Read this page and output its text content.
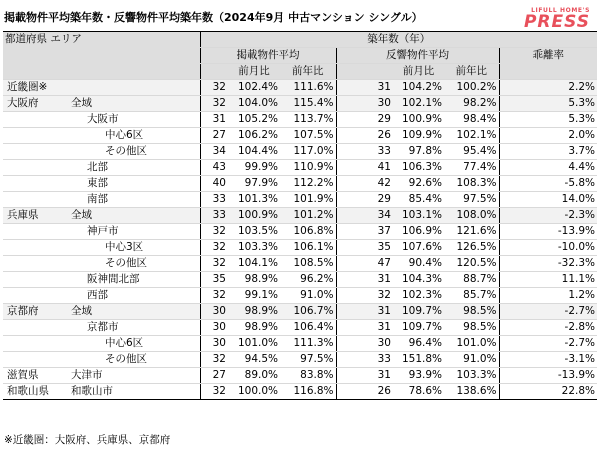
掲載物件平均築年数・反響物件平均築年数（2024年9月 中古マンション シングル）
LIFULL HOME'S
PRESS
都道府県 エリア	築年数（年）						
	掲載物件平均			反響物件平均			乖離率
		前月比	前年比		前月比	前年比	
近畿圏※	32	102.4%	111.6%	31	104.2%	100.2%	2.2%
大阪府 全域	32	104.0%	115.4%	30	102.1%	98.2%	5.3%

大阪市	31	105.2%	113.7%	29	100.9%	98.4%	5.3%

中心6区	27	106.2%	107.5%	26	109.9%	102.1%	2.0%

その他区	34	104.4%	117.0%	33	97.8%	95.4%	3.7%

北部	43	99.9%	110.9%	41	106.3%	77.4%	4.4%

東部	40	97.9%	112.2%	42	92.6%	108.3%	-5.8%

南部	33	101.3%	101.9%	29	85.4%	97.5%	14.0%
兵庫県 全域	33	100.9%	101.2%	34	103.1%	108.0%	-2.3%

神戸市	32	103.5%	106.8%	37	106.9%	121.6%	-13.9%

中心3区	32	103.3%	106.1%	35	107.6%	126.5%	-10.0%

その他区	32	104.1%	108.5%	47	90.4%	120.5%	-32.3%

阪神間北部	35	98.9%	96.2%	31	104.3%	88.7%	11.1%

西部	32	99.1%	91.0%	32	102.3%	85.7%	1.2%
京都府 全域	30	98.9%	106.7%	31	109.7%	98.5%	-2.7%

京都市	30	98.9%	106.4%	31	109.7%	98.5%	-2.8%

中心6区	30	101.0%	111.3%	30	96.4%	101.0%	-2.7%

その他区	32	94.5%	97.5%	33	151.8%	91.0%	-3.1%
滋賀県 大津市	27	89.0%	83.8%	31	93.9%	103.3%	-13.9%
和歌山県 和歌山市	32	100.0%	116.8%	26	78.6%	138.6%	22.8%
※近畿圏：大阪府、兵庫県、京都府
